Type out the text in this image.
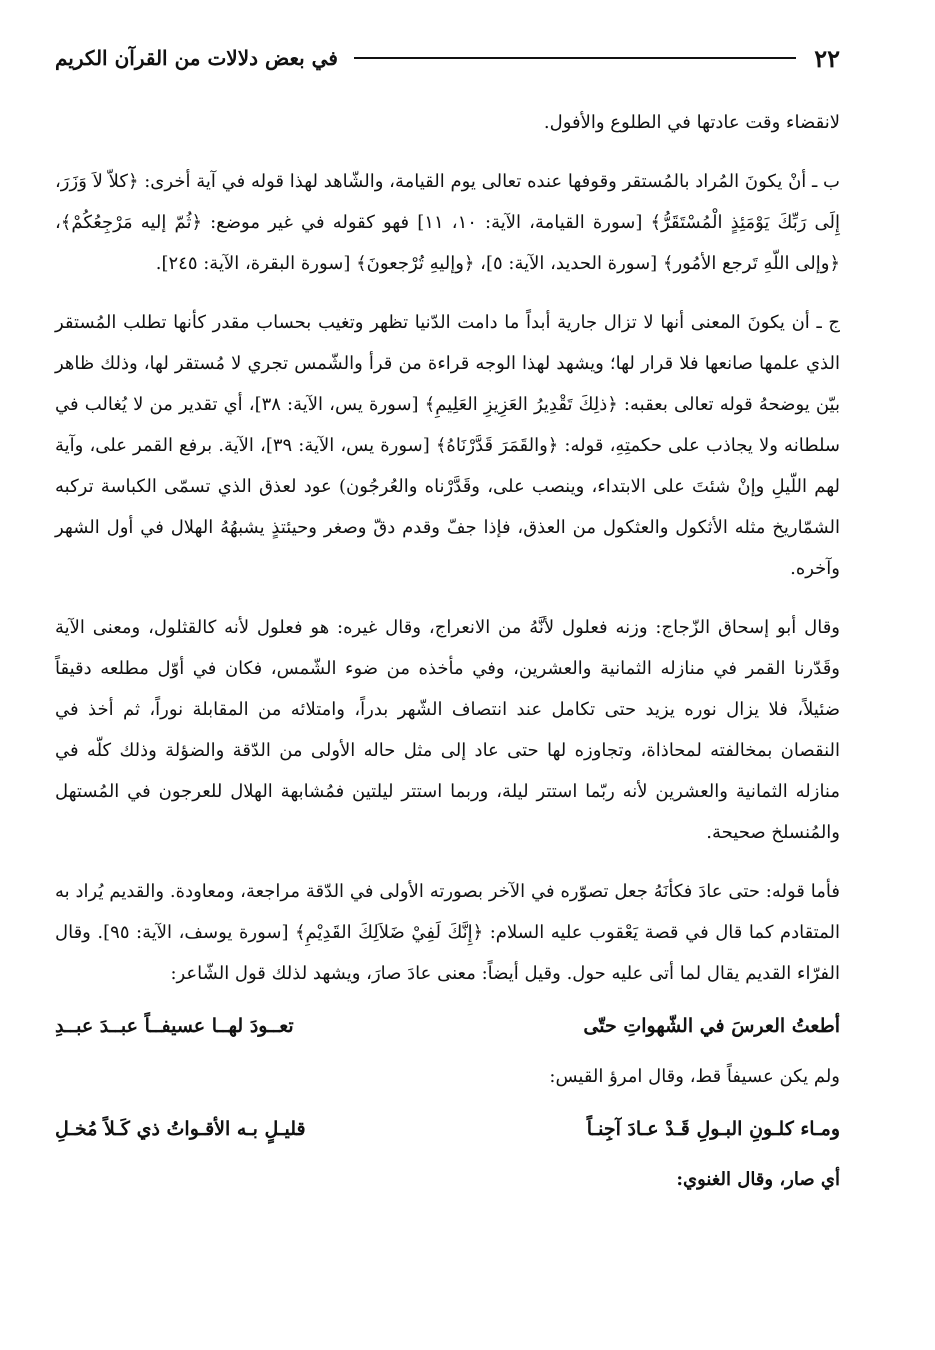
٢٢
في بعض دلالات من القرآن الكريم

لانقضاء وقت عادتها في الطلوع والأفول.

ب ـ أنْ يكونَ المُراد بالمُستقر وقوفها عنده تعالى يوم القيامة، والشّاهد لهذا قوله في آية أخرى: ﴿كلاّ لاَ وَزَرَ، إِلَى رَبِّكَ يَوْمَئِذٍ الْمُسْتَقَرُّ﴾ [سورة القيامة، الآية: ١٠، ١١] فهو كقوله في غير موضع: ﴿ثُمّ إليه مَرْجِعُكُمْ﴾، ﴿وإلى اللّهِ تَرجع الأمُور﴾ [سورة الحديد، الآية: ٥]، ﴿وإليهِ تُرْجعونَ﴾ [سورة البقرة، الآية: ٢٤٥].

ج ـ أن يكونَ المعنى أنها لا تزال جارية أبداً ما دامت الدّنيا تظهر وتغيب بحساب مقدر كأنها تطلب المُستقر الذي علمها صانعها فلا قرار لها؛ ويشهد لهذا الوجه قراءة من قرأ والشّمس تجري لا مُستقر لها، وذلك ظاهر بيّن يوضحهُ قوله تعالى بعقبه: ﴿ذلِكَ تَقْدِيرُ العَزِيزِ العَلِيمِ﴾ [سورة يس، الآية: ٣٨]، أي تقدير من لا يُغالب في سلطانه ولا يجاذب على حكمتِهِ، قوله: ﴿والقَمَرَ قَدَّرْنَاهُ﴾ [سورة يس، الآية: ٣٩]، الآية. برفع القمر على، وآية لهم اللّيلِ وإنْ شئتَ على الابتداء، وينصب على، وقَدَّرْناه والعُرجُون) عود لعذق الذي تسمّى الكباسة تركبه الشمّاريخ مثله الأثكول والعثكول من العذق، فإذا جفّ وقدم دقّ وصغر وحيئتذٍ يشبهُهُ الهلال في أول الشهر وآخره.

وقال أبو إسحاق الزّجاج: وزنه فعلول لأنَّهُ من الانعراج، وقال غيره: هو فعلول لأنه كالقثلول، ومعنى الآية وقَدّرنا القمر في منازله الثمانية والعشرين، وفي مأخذه من ضوء الشّمس، فكان في أوّل مطلعه دقيقاً ضئيلاً، فلا يزال نوره يزيد حتى تكامل عند انتصاف الشّهر بدراً، وامتلائه من المقابلة نوراً، ثم أخذ في النقصان بمخالفته لمحاذاة، وتجاوزه لها حتى عاد إلى مثل حاله الأولى من الدّقة والضؤلة وذلك كلّه في منازله الثمانية والعشرين لأنه ربّما استتر ليلة، وربما استتر ليلتين فمُشابهة الهلال للعرجون في المُستهل والمُنسلخ صحيحة.

فأما قوله: حتى عادَ فكأنَهُ جعل تصوّره في الآخر بصورته الأولى في الدّقة مراجعة، ومعاودة. والقديم يُراد به المتقادم كما قال في قصة يَعْقوب عليه السلام: ﴿إِنَّكَ لَفِيْ ضَلاَلِكَ القَدِيْمِ﴾ [سورة يوسف، الآية: ٩٥]. وقال الفرّاء القديم يقال لما أتى عليه حول. وقيل أيضاً: معنى عادَ صارَ، ويشهد لذلك قول الشّاعر:

أطعتُ العرسَ في الشّهواتِ حتّى
تعــودَ لهــا عسيفــاً عبــدَ عبــدِ

ولم يكن عسيفاً قط، وقال امرؤ القيس:

ومـاء كلـونِ البـولِ قَـدْ عـادَ آجِنـاً
قليـلٍ بـه الأقـواتُ ذي كَـلاً مُخـلِ

أي صار، وقال الغنوي:
